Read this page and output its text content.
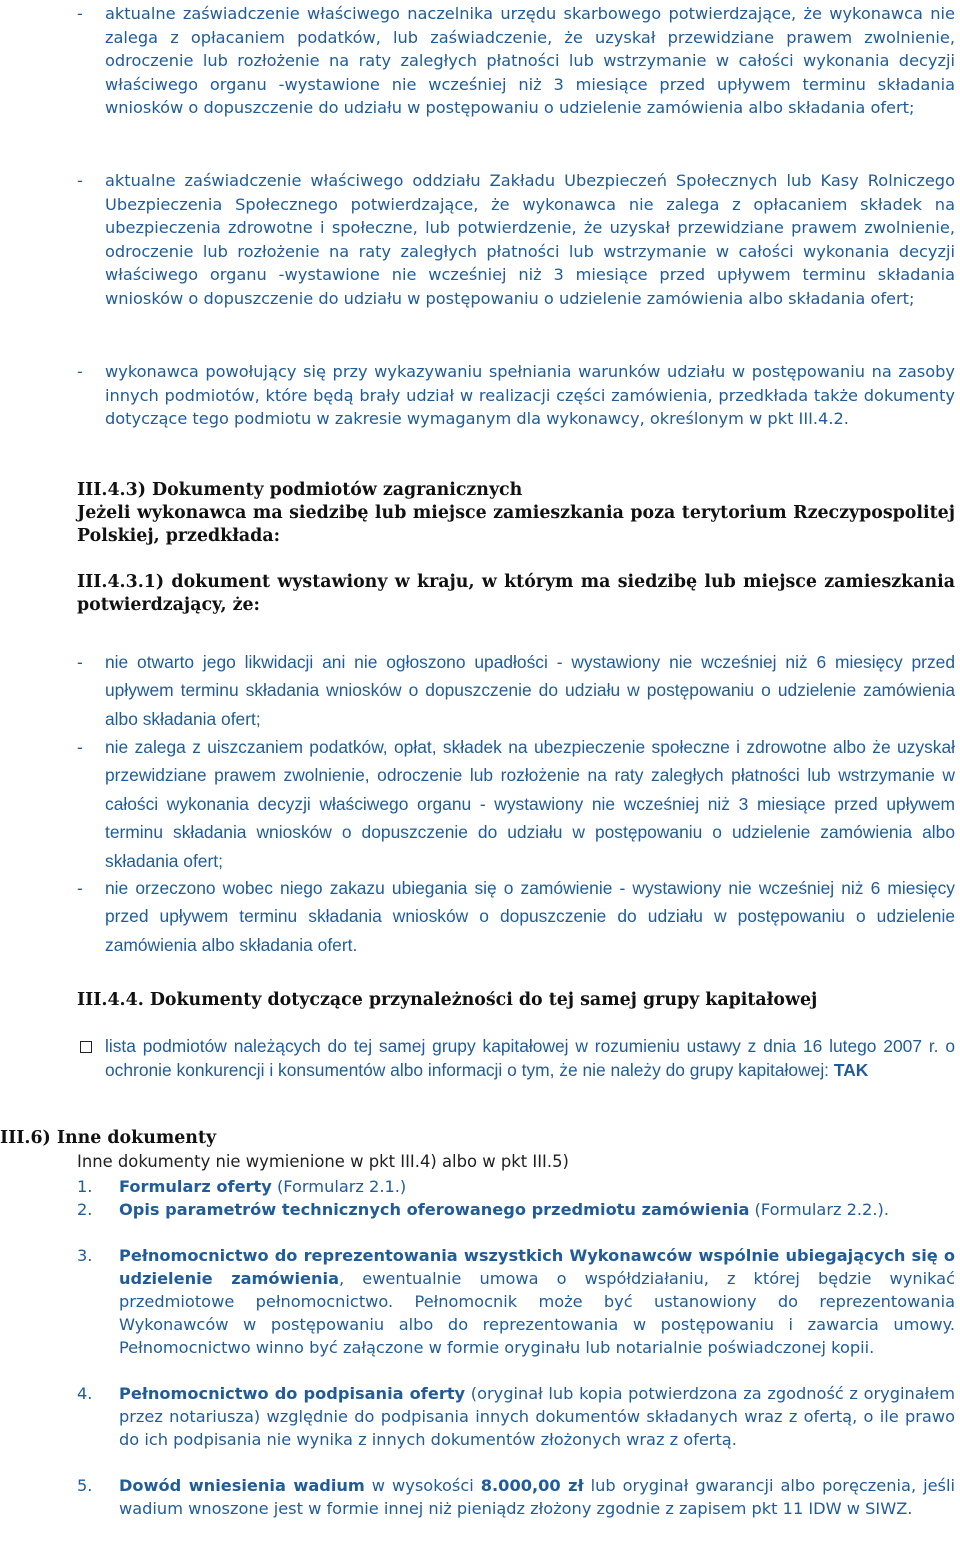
- aktualne zaświadczenie właściwego naczelnika urzędu skarbowego potwierdzające, że wykonawca nie zalega z opłacaniem podatków, lub zaświadczenie, że uzyskał przewidziane prawem zwolnienie, odroczenie lub rozłożenie na raty zaległych płatności lub wstrzymanie w całości wykonania decyzji właściwego organu -wystawione nie wcześniej niż 3 miesiące przed upływem terminu składania wniosków o dopuszczenie do udziału w postępowaniu o udzielenie zamówienia albo składania ofert;
- aktualne zaświadczenie właściwego oddziału Zakładu Ubezpieczeń Społecznych lub Kasy Rolniczego Ubezpieczenia Społecznego potwierdzające, że wykonawca nie zalega z opłacaniem składek na ubezpieczenia zdrowotne i społeczne, lub potwierdzenie, że uzyskał przewidziane prawem zwolnienie, odroczenie lub rozłożenie na raty zaległych płatności lub wstrzymanie w całości wykonania decyzji właściwego organu -wystawione nie wcześniej niż 3 miesiące przed upływem terminu składania wniosków o dopuszczenie do udziału w postępowaniu o udzielenie zamówienia albo składania ofert;
- wykonawca powołujący się przy wykazywaniu spełniania warunków udziału w postępowaniu na zasoby innych podmiotów, które będą brały udział w realizacji części zamówienia, przedkłada także dokumenty dotyczące tego podmiotu w zakresie wymaganym dla wykonawcy, określonym w pkt III.4.2.
III.4.3) Dokumenty podmiotów zagranicznych
Jeżeli wykonawca ma siedzibę lub miejsce zamieszkania poza terytorium Rzeczypospolitej Polskiej, przedkłada:
III.4.3.1) dokument wystawiony w kraju, w którym ma siedzibę lub miejsce zamieszkania potwierdzający, że:
- nie otwarto jego likwidacji ani nie ogłoszono upadłości - wystawiony nie wcześniej niż 6 miesięcy przed upływem terminu składania wniosków o dopuszczenie do udziału w postępowaniu o udzielenie zamówienia albo składania ofert;
- nie zalega z uiszczaniem podatków, opłat, składek na ubezpieczenie społeczne i zdrowotne albo że uzyskał przewidziane prawem zwolnienie, odroczenie lub rozłożenie na raty zaległych płatności lub wstrzymanie w całości wykonania decyzji właściwego organu - wystawiony nie wcześniej niż 3 miesiące przed upływem terminu składania wniosków o dopuszczenie do udziału w postępowaniu o udzielenie zamówienia albo składania ofert;
- nie orzeczono wobec niego zakazu ubiegania się o zamówienie - wystawiony nie wcześniej niż 6 miesięcy przed upływem terminu składania wniosków o dopuszczenie do udziału w postępowaniu o udzielenie zamówienia albo składania ofert.
III.4.4. Dokumenty dotyczące przynależności do tej samej grupy kapitałowej
lista podmiotów należących do tej samej grupy kapitałowej w rozumieniu ustawy z dnia 16 lutego 2007 r. o ochronie konkurencji i konsumentów albo informacji o tym, że nie należy do grupy kapitałowej: TAK
III.6) Inne dokumenty
Inne dokumenty nie wymienione w pkt III.4) albo w pkt III.5)
1. Formularz oferty (Formularz 2.1.)
2. Opis parametrów technicznych oferowanego przedmiotu zamówienia (Formularz 2.2.).
3. Pełnomocnictwo do reprezentowania wszystkich Wykonawców wspólnie ubiegających się o udzielenie zamówienia, ewentualnie umowa o współdziałaniu, z której będzie wynikać przedmiotowe pełnomocnictwo. Pełnomocnik może być ustanowiony do reprezentowania Wykonawców w postępowaniu albo do reprezentowania w postępowaniu i zawarcia umowy. Pełnomocnictwo winno być załączone w formie oryginału lub notarialnie poświadczonej kopii.
4. Pełnomocnictwo do podpisania oferty (oryginał lub kopia potwierdzona za zgodność z oryginałem przez notariusza) względnie do podpisania innych dokumentów składanych wraz z ofertą, o ile prawo do ich podpisania nie wynika z innych dokumentów złożonych wraz z ofertą.
5. Dowód wniesienia wadium w wysokości 8.000,00 zł lub oryginał gwarancji albo poręczenia, jeśli wadium wnoszone jest w formie innej niż pieniądz złożony zgodnie z zapisem pkt 11 IDW w SIWZ.
